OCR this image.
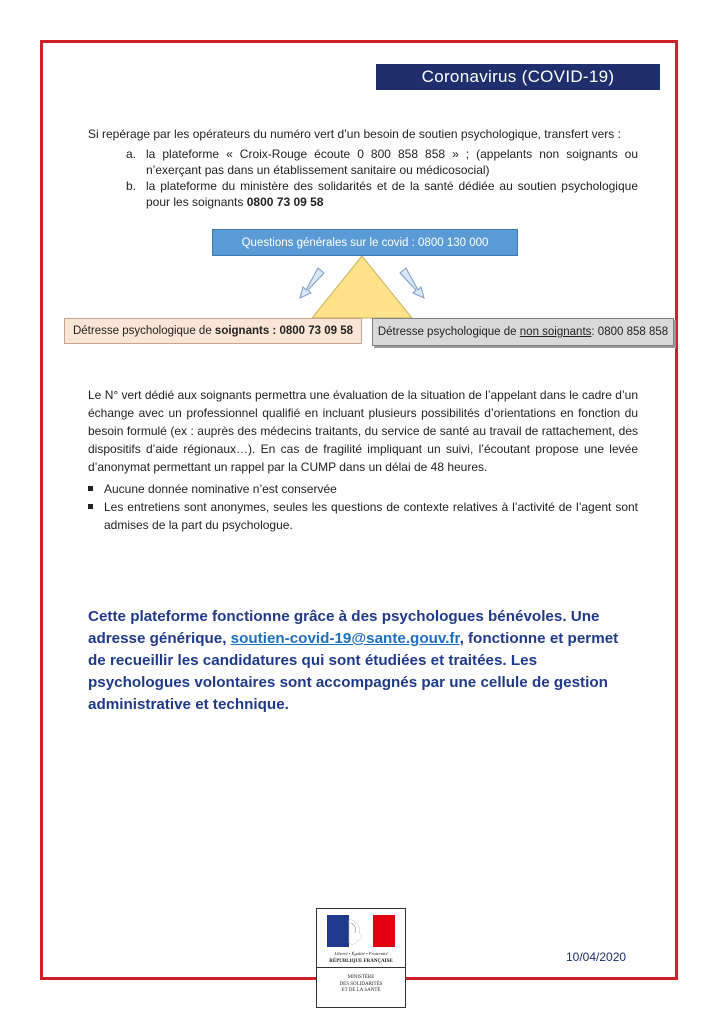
Coronavirus (COVID-19)

Si repérage par les opérateurs du numéro vert d’un besoin de soutien psychologique, transfert vers :

a. la plateforme « Croix-Rouge écoute 0 800 858 858 » ; (appelants non soignants ou n’exerçant pas dans un établissement sanitaire ou médicosocial)
b. la plateforme du ministère des solidarités et de la santé dédiée au soutien psychologique pour les soignants 0800 73 09 58
Questions générales sur le covid : 0800 130 000
Détresse psychologique de
soignants : 0800 73 09 58 Détresse psychologique de
non soignants : 0800 858 858

Le N° vert dédié aux soignants permettra une évaluation de la situation de l’appelant dans le cadre d’un échange avec un professionnel qualifié en incluant plusieurs possibilités d’orientations en fonction du besoin formulé (ex : auprès des médecins traitants, du service de santé au travail de rattachement, des dispositifs d’aide régionaux…). En cas de fragilité impliquant un suivi, l’écoutant propose une levée d’anonymat permettant un rappel par la CUMP dans un délai de 48 heures.

Aucune donnée nominative n’est conservée
Les entretiens sont anonymes, seules les questions de contexte relatives à l’activité de l’agent sont admises de la part du psychologue.

Cette plateforme fonctionne grâce à des psychologues bénévoles. Une adresse générique, soutien-covid-19@sante.gouv.fr, fonctionne et permet de recueillir les candidatures qui sont étudiées et traitées. Les psychologues volontaires sont accompagnés par une cellule de gestion administrative et technique.

Liberté • Égalité • Fraternité
RÉPUBLIQUE FRANÇAISE
MINISTÈRE
DES SOLIDARITÉS
ET DE LA SANTÉ
10/04/2020
